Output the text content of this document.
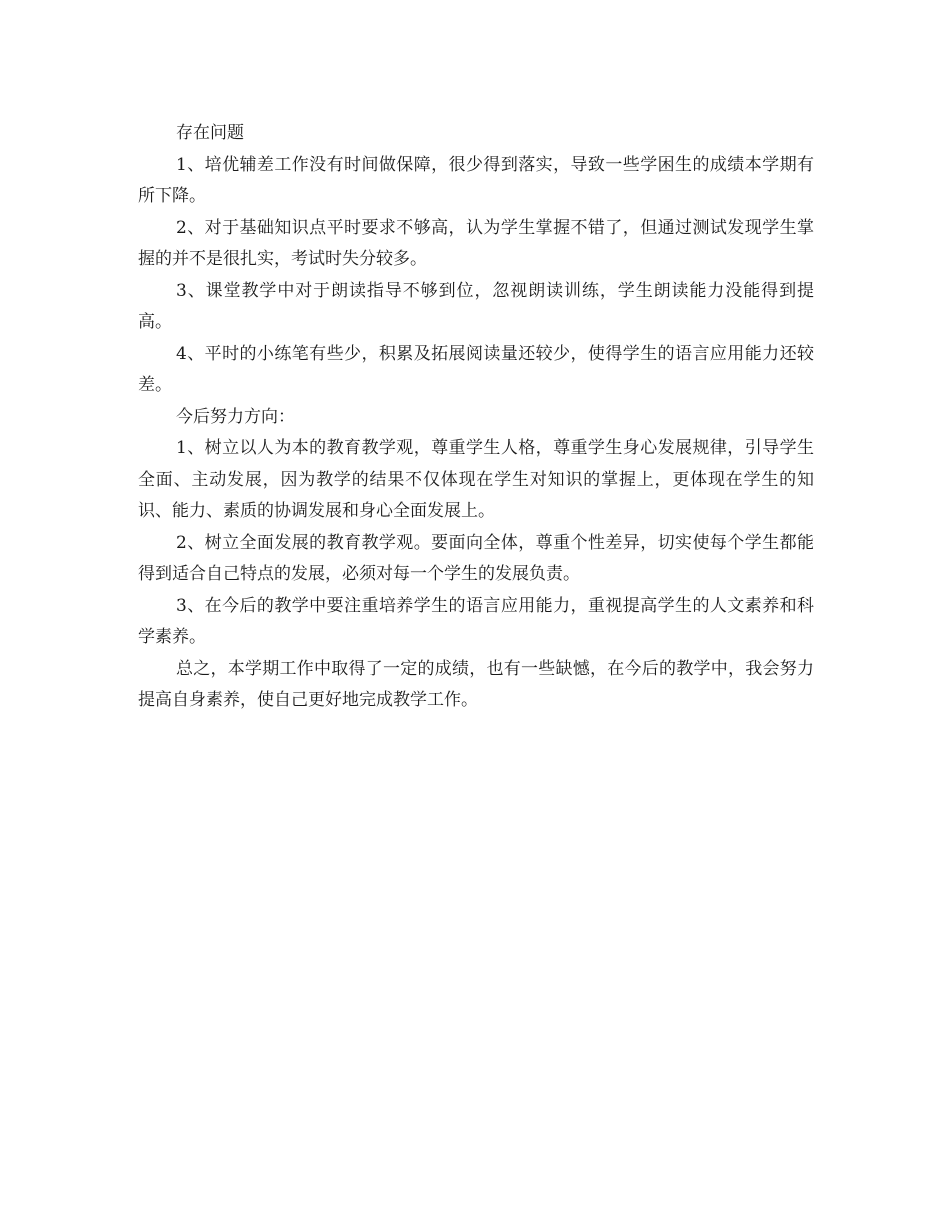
存在问题

1、培优辅差工作没有时间做保障，很少得到落实，导致一些学困生的成绩本学期有所下降。

2、对于基础知识点平时要求不够高，认为学生掌握不错了，但通过测试发现学生掌握的并不是很扎实，考试时失分较多。

3、课堂教学中对于朗读指导不够到位，忽视朗读训练，学生朗读能力没能得到提高。

4、平时的小练笔有些少，积累及拓展阅读量还较少，使得学生的语言应用能力还较差。

今后努力方向：

1、树立以人为本的教育教学观，尊重学生人格，尊重学生身心发展规律，引导学生全面、主动发展，因为教学的结果不仅体现在学生对知识的掌握上，更体现在学生的知识、能力、素质的协调发展和身心全面发展上。

2、树立全面发展的教育教学观。要面向全体，尊重个性差异，切实使每个学生都能得到适合自己特点的发展，必须对每一个学生的发展负责。

3、在今后的教学中要注重培养学生的语言应用能力，重视提高学生的人文素养和科学素养。

总之，本学期工作中取得了一定的成绩，也有一些缺憾，在今后的教学中，我会努力提高自身素养，使自己更好地完成教学工作。
